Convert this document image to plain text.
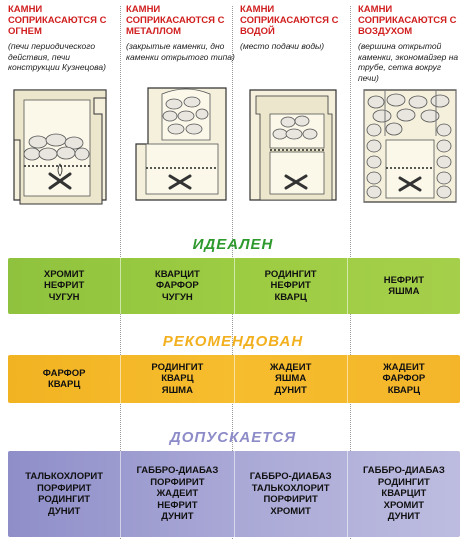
КАМНИ СОПРИКАСАЮТСЯ С ОГНЕМ
(печи периодического действия, печи конструкции Кузнецова)
КАМНИ СОПРИКАСАЮТСЯ С МЕТАЛЛОМ
(закрытые каменки, дно каменки открытого типа)
КАМНИ СОПРИКАСАЮТСЯ С ВОДОЙ
(место подачи воды)
КАМНИ СОПРИКАСАЮТСЯ С ВОЗДУХОМ
(вершина открытой каменки, экономайзер на трубе, сетка вокруг печи)
ИДЕАЛЕН
ХРОМИТ
НЕФРИТ
ЧУГУН
КВАРЦИТ
ФАРФОР
ЧУГУН
РОДИНГИТ
НЕФРИТ
КВАРЦ
НЕФРИТ
ЯШМА
РЕКОМЕНДОВАН
ФАРФОР
КВАРЦ
РОДИНГИТ
КВАРЦ
ЯШМА
ЖАДЕИТ
ЯШМА
ДУНИТ
ЖАДЕИТ
ФАРФОР
КВАРЦ
ДОПУСКАЕТСЯ
ТАЛЬКОХЛОРИТ
ПОРФИРИТ
РОДИНГИТ
ДУНИТ
ГАББРО-ДИАБАЗ
ПОРФИРИТ
ЖАДЕИТ
НЕФРИТ
ДУНИТ
ГАББРО-ДИАБАЗ
ТАЛЬКОХЛОРИТ
ПОРФИРИТ
ХРОМИТ
ГАББРО-ДИАБАЗ
РОДИНГИТ
КВАРЦИТ
ХРОМИТ
ДУНИТ
